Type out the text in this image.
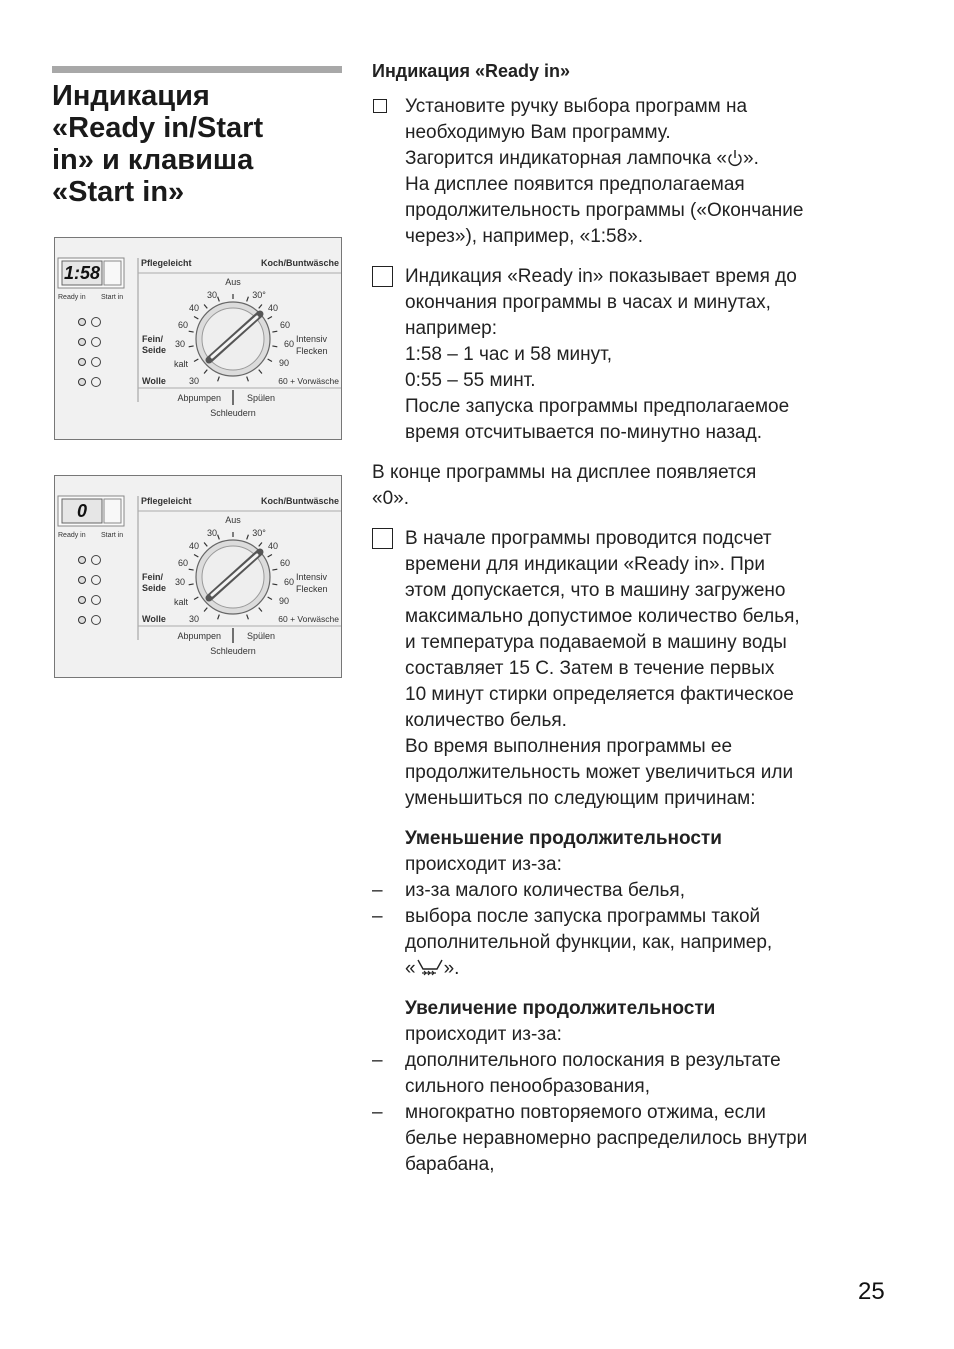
Индикация
«Ready in/Start
in» и клавиша
«Start in»
1:58
Ready in Start in
Pflegeleicht	Koch/Buntwäsche
Aus
30	30°
40	40
60	60
30	60
90
kalt
30
Fein/
Seide
Wolle
Intensiv
Flecken
60 + Vorwäsche
Abpumpen	Spülen
Schleudern
0
Ready in Start in
Pflegeleicht	Koch/Buntwäsche
Aus
30	30°
40	40
60	60
30	60
90
kalt
30
Fein/
Seide
Wolle
Intensiv
Flecken
60 + Vorwäsche
Abpumpen	Spülen
Schleudern

Индикация «Ready in»

Установите ручку выбора программ на
необходимую Вам программу.

Загорится индикаторная лампочка « ».

На дисплее появится предполагаемая
продолжительность программы («Окончание
через»), например, «1:58».

Индикация «Ready in» показывает время до
окончания программы в часах и минутах,
например:
1:58 – 1 час и 58 минут,
0:55 – 55 минт.
После запуска программы предполагаемое
время отсчитывается по-минутно назад.

В конце программы на дисплее появляется
«0».

В начале программы проводится подсчет
времени для индикации «Ready in». При
этом допускается, что в машину загружено
максимально допустимое количество белья,
и температура подаваемой в машину воды
составляет 15 С. Затем в течение первых
10 минут стирки определяется фактическое
количество белья.
Во время выполнения программы ее
продолжительность может увеличиться или
уменьшиться по следующим причинам:

Уменьшение продолжительности

происходит из-за:

– из-за малого количества белья,

– выбора после запуска программы такой
дополнительной функции, как, например,

« ».

Увеличение продолжительности

происходит из-за:

– дополнительного полоскания в результате
сильного пенообразования,

– многократно повторяемого отжима, если
белье неравномерно распределилось внутри
барабана,

25
